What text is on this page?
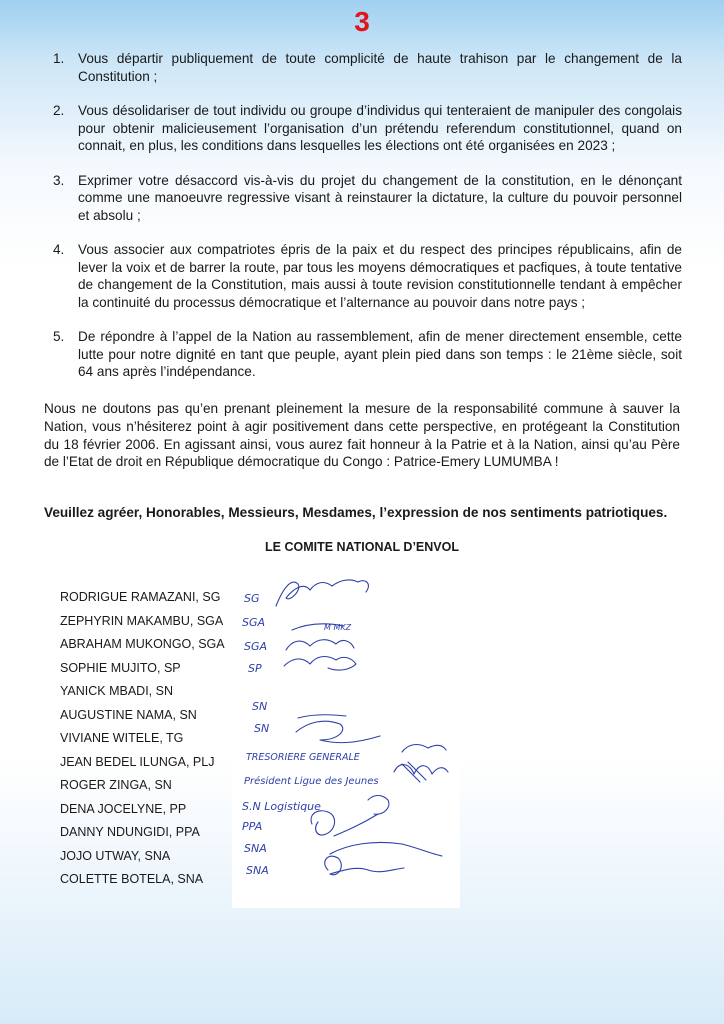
3
1. Vous départir publiquement de toute complicité de haute trahison par le changement de la Constitution ;
2. Vous désolidariser de tout individu ou groupe d’individus qui tenteraient de manipuler des congolais pour obtenir malicieusement l’organisation d’un prétendu referendum constitutionnel, quand on connait, en plus, les conditions dans lesquelles les élections ont été organisées en 2023 ;
3. Exprimer votre désaccord vis-à-vis du projet du changement de la constitution, en le dénonçant comme une manoeuvre regressive visant à reinstaurer la dictature, la culture du pouvoir personnel et absolu ;
4. Vous associer aux compatriotes épris de la paix et du respect des principes républicains, afin de lever la voix et de barrer la route, par tous les moyens démocratiques et pacfiques, à toute tentative de changement de la Constitution, mais aussi à toute revision constitutionnelle tendant à empêcher la continuité du processus démocratique et l’alternance au pouvoir dans notre pays ;
5. De répondre à l’appel de la Nation au rassemblement, afin de mener directement ensemble, cette lutte pour notre dignité en tant que peuple, ayant plein pied dans son temps : le 21ème siècle, soit 64 ans après l’indépendance.
Nous ne doutons pas qu’en prenant pleinement la mesure de la responsabilité commune à sauver la Nation, vous n’hésiterez point à agir positivement dans cette perspective, en protégeant la Constitution du 18 février 2006. En agissant ainsi, vous aurez fait honneur à la Patrie et à la Nation, ainsi qu’au Père de l’Etat de droit en République démocratique du Congo : Patrice-Emery LUMUMBA !
Veuillez agréer, Honorables, Messieurs, Mesdames, l’expression de nos sentiments patriotiques.
LE COMITE NATIONAL D’ENVOL
RODRIGUE RAMAZANI, SG
ZEPHYRIN MAKAMBU, SGA
ABRAHAM MUKONGO, SGA
SOPHIE MUJITO, SP
YANICK MBADI, SN
AUGUSTINE NAMA, SN
VIVIANE WITELE, TG
JEAN BEDEL ILUNGA, PLJ
ROGER ZINGA, SN
DENA JOCELYNE, PP
DANNY NDUNGIDI, PPA
JOJO UTWAY, SNA
COLETTE BOTELA, SNA
SG
SGA
SGA
SP
SN
SN
TRESORIERE GENERALE
Président Ligue des Jeunes
S.N Logistique
PPA
SNA
SNA
M MKZ
